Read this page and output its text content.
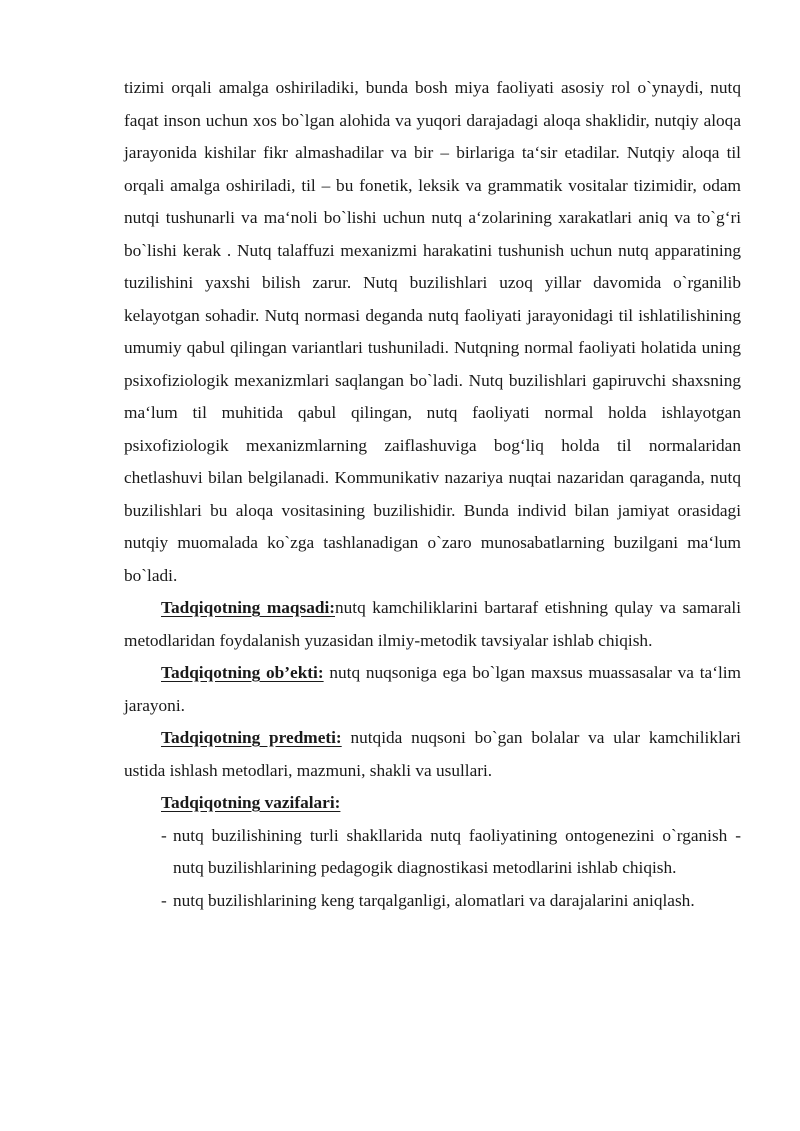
tizimi orqali amalga oshiriladiki, bunda bosh miya faoliyati asosiy rol o`ynaydi, nutq faqat inson uchun xos bo`lgan alohida va yuqori darajadagi aloqa shaklidir, nutqiy aloqa jarayonida kishilar fikr almashadilar va bir – birlariga ta‘sir etadilar. Nutqiy aloqa til orqali amalga oshiriladi, til – bu fonetik, leksik va grammatik vositalar tizimidir, odam nutqi tushunarli va ma‘noli bo`lishi uchun nutq a‘zolarining xarakatlari aniq va to`g‘ri bo`lishi kerak . Nutq talaffuzi mexanizmi harakatini tushunish uchun nutq apparatining tuzilishini yaxshi bilish zarur. Nutq buzilishlari uzoq yillar davomida o`rganilib kelayotgan sohadir. Nutq normasi deganda nutq faoliyati jarayonidagi til ishlatilishining umumiy qabul qilingan variantlari tushuniladi. Nutqning normal faoliyati holatida uning psixofiziologik mexanizmlari saqlangan bo`ladi. Nutq buzilishlari gapiruvchi shaxsning ma‘lum til muhitida qabul qilingan, nutq faoliyati normal holda ishlayotgan psixofiziologik mexanizmlarning zaiflashuviga bog‘liq holda til normalaridan chetlashuvi bilan belgilanadi. Kommunikativ nazariya nuqtai nazaridan qaraganda, nutq buzilishlari bu aloqa vositasining buzilishidir. Bunda individ bilan jamiyat orasidagi nutqiy muomalada ko`zga tashlanadigan o`zaro munosabatlarning buzilgani ma‘lum bo`ladi.

Tadqiqotning maqsadi:nutq kamchiliklarini bartaraf etishning qulay va samarali metodlaridan foydalanish yuzasidan ilmiy-metodik tavsiyalar ishlab chiqish.

Tadqiqotning ob’ekti: nutq nuqsoniga ega bo`lgan maxsus muassasalar va ta‘lim jarayoni.

Tadqiqotning predmeti: nutqida nuqsoni bo`gan bolalar va ular kamchiliklari ustida ishlash metodlari, mazmuni, shakli va usullari.

Tadqiqotning vazifalari:

- nutq buzilishining turli shakllarida nutq faoliyatining ontogenezini o`rganish - nutq buzilishlarining pedagogik diagnostikasi metodlarini ishlab chiqish.
- nutq buzilishlarining keng tarqalganligi, alomatlari va darajalarini aniqlash.
